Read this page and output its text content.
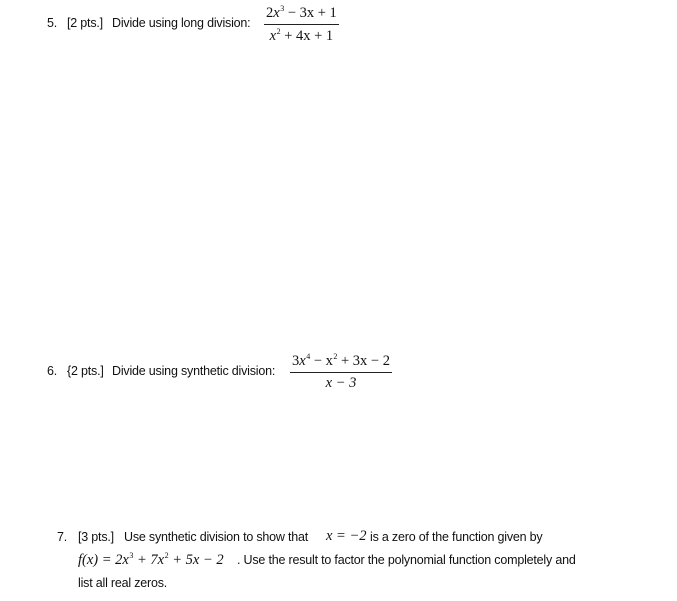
5. [2 pts.] Divide using long division:
$2x^3 - 3x + 1$
$x^2 + 4x + 1$
6. {2 pts.] Divide using synthetic division:
$3x^4 - x^2 + 3x - 2$
x − 3
7. [3 pts.] Use synthetic division to show that x = −2 is a zero of the function given by
$f(x) = 2x^3 + 7x^2 + 5x - 2$ . Use the result to factor the polynomial function completely and
list all real zeros.
